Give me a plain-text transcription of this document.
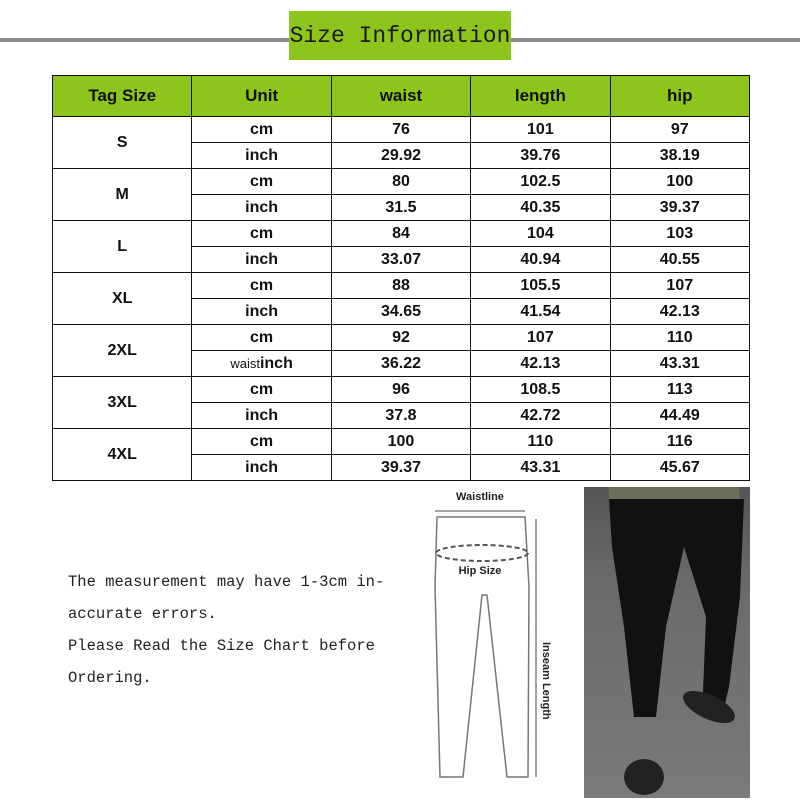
Size Information
Tag Size	Unit	waist	length	hip
S	cm	76	101	97
	inch	29.92	39.76	38.19
M	cm	80	102.5	100
	inch	31.5	40.35	39.37
L	cm	84	104	103
	inch	33.07	40.94	40.55
XL	cm	88	105.5	107
	inch	34.65	41.54	42.13
2XL	cm	92	107	110
	waistinch	36.22	42.13	43.31
3XL	cm	96	108.5	113
	inch	37.8	42.72	44.49
4XL	cm	100	110	116
	inch	39.37	43.31	45.67
The measurement may have 1-3cm in-
accurate errors.
Please Read the Size Chart before
Ordering.
Waistline
Hip Size
Inseam Length
